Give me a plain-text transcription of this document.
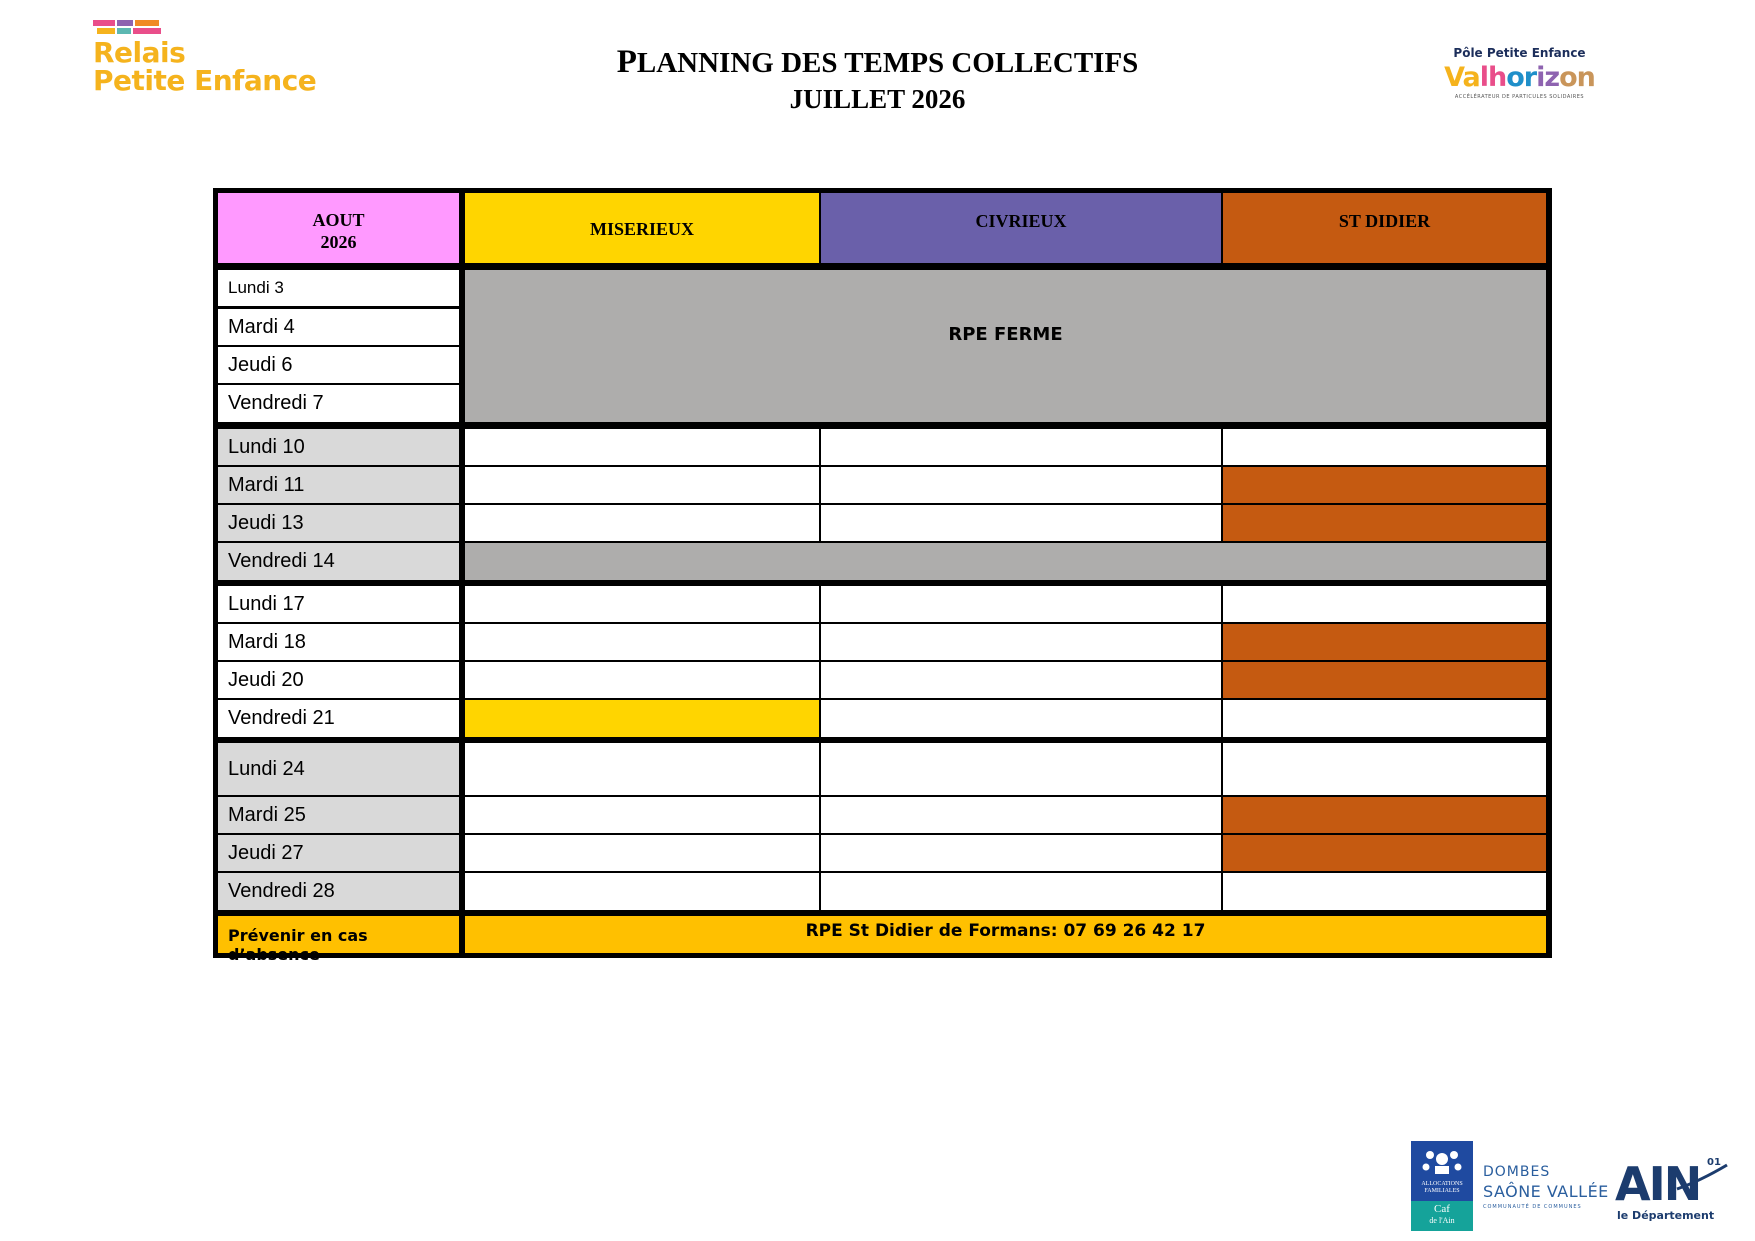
Relais
Petite Enfance
PLANNING DES TEMPS COLLECTIFS
JUILLET 2026
Pôle Petite Enfance
Valhorizon
ACCÉLÉRATEUR DE PARTICULES SOLIDAIRES
AOUT
2026
MISERIEUX	CIVRIEUX	ST DIDIER
Lundi 3
Mardi 4
Jeudi 6
Vendredi 7
RPE FERME
Lundi 10
Mardi 11
Jeudi 13
Vendredi 14
Lundi 17
Mardi 18
Jeudi 20
Vendredi 21
Lundi 24
Mardi 25
Jeudi 27
Vendredi 28
Prévenir en cas d’absence
RPE St Didier de Formans: 07 69 26 42 17
ALLOCATIONS FAMILIALES
Caf
de l'Ain
DOMBES
SAÔNE VALLÉE
COMMUNAUTÉ DE COMMUNES AIN 01
le Département
